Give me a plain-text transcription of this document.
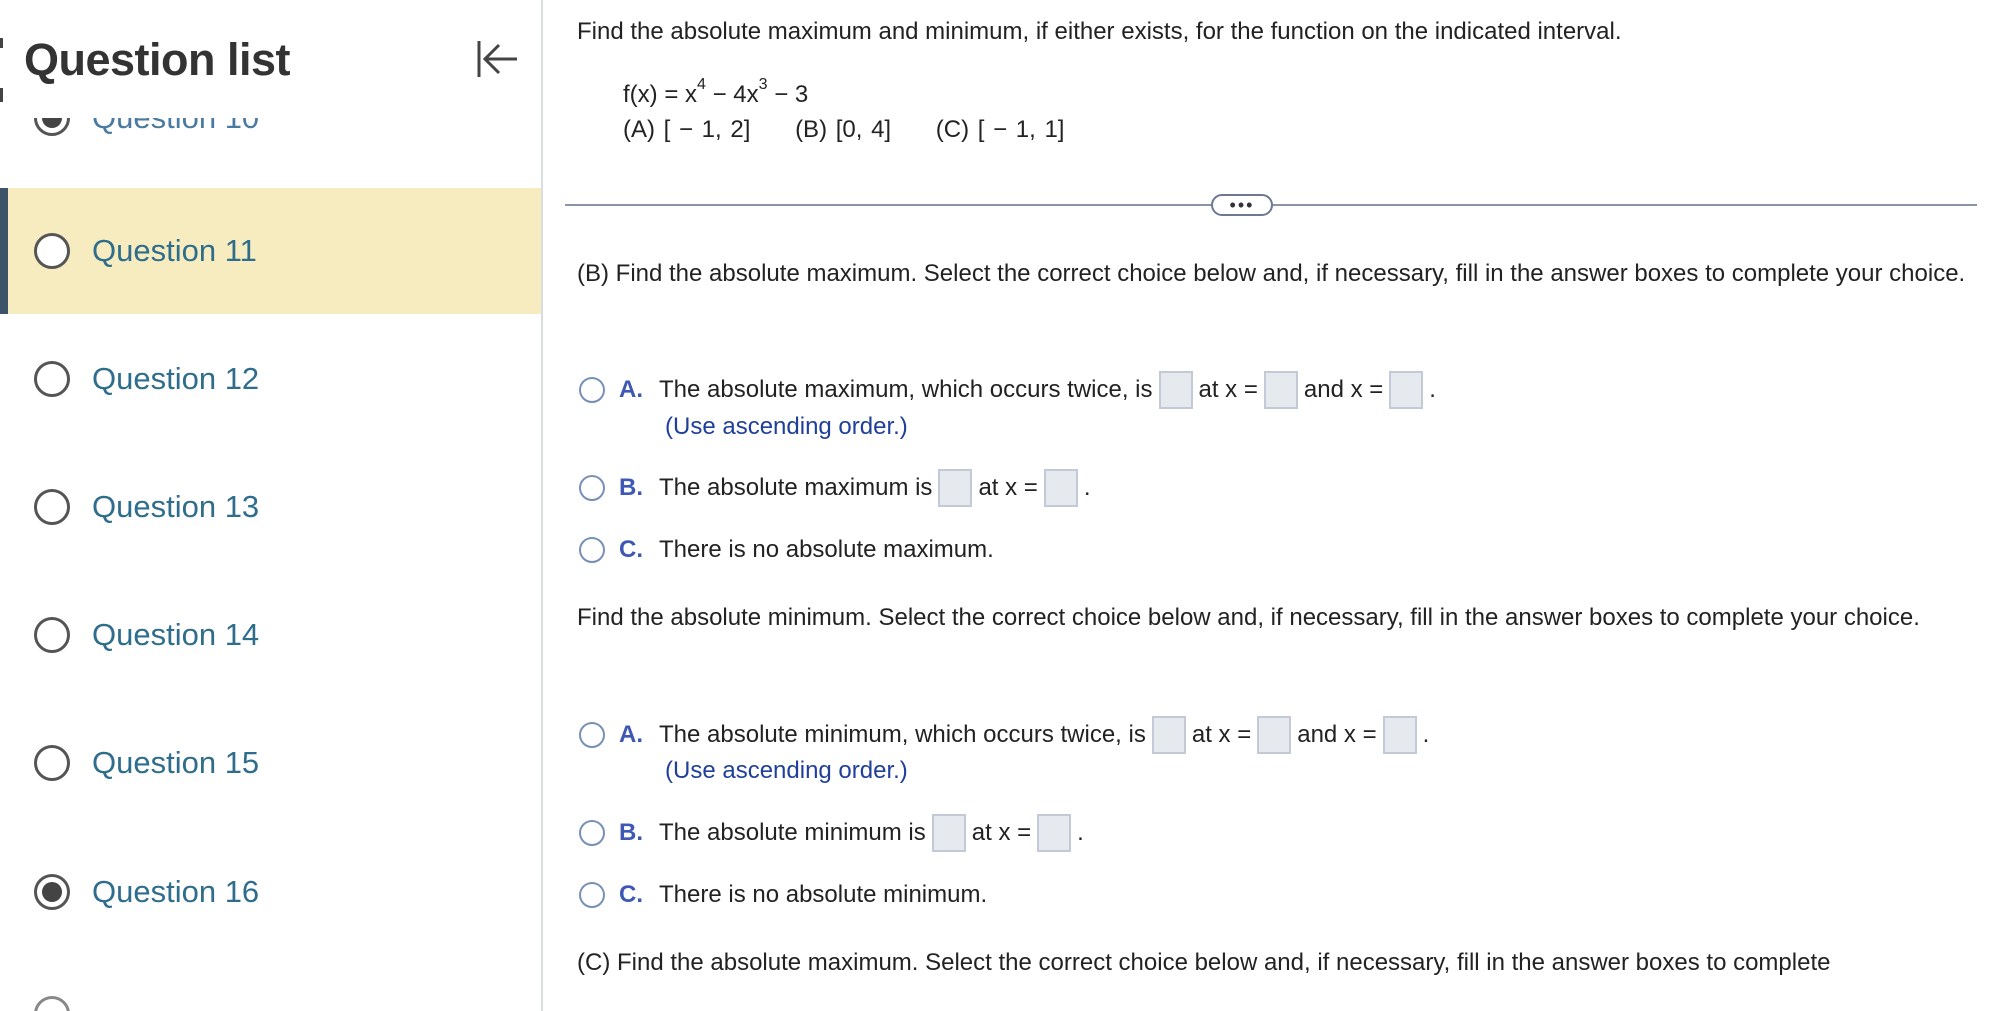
Question list
Question 11
Question 12
Question 13
Question 14
Question 15
Question 16
Find the absolute maximum and minimum, if either exists, for the function on the indicated interval.
$f(x) = x^4 - 4x^3 - 3$
(A) [ − 1, 2] (B) [0, 4] (C) [ − 1, 1]
•••
(B) Find the absolute maximum. Select the correct choice below and, if necessary, fill in the answer boxes to complete your choice.
A. The absolute maximum, which occurs twice, is at x = and x = .
(Use ascending order.)
B. The absolute maximum is at x = .
C. There is no absolute maximum.
Find the absolute minimum. Select the correct choice below and, if necessary, fill in the answer boxes to complete your choice.
A. The absolute minimum, which occurs twice, is at x = and x = .
(Use ascending order.)
B. The absolute minimum is at x = .
C. There is no absolute minimum.
(C) Find the absolute maximum. Select the correct choice below and, if necessary, fill in the answer boxes to complete
